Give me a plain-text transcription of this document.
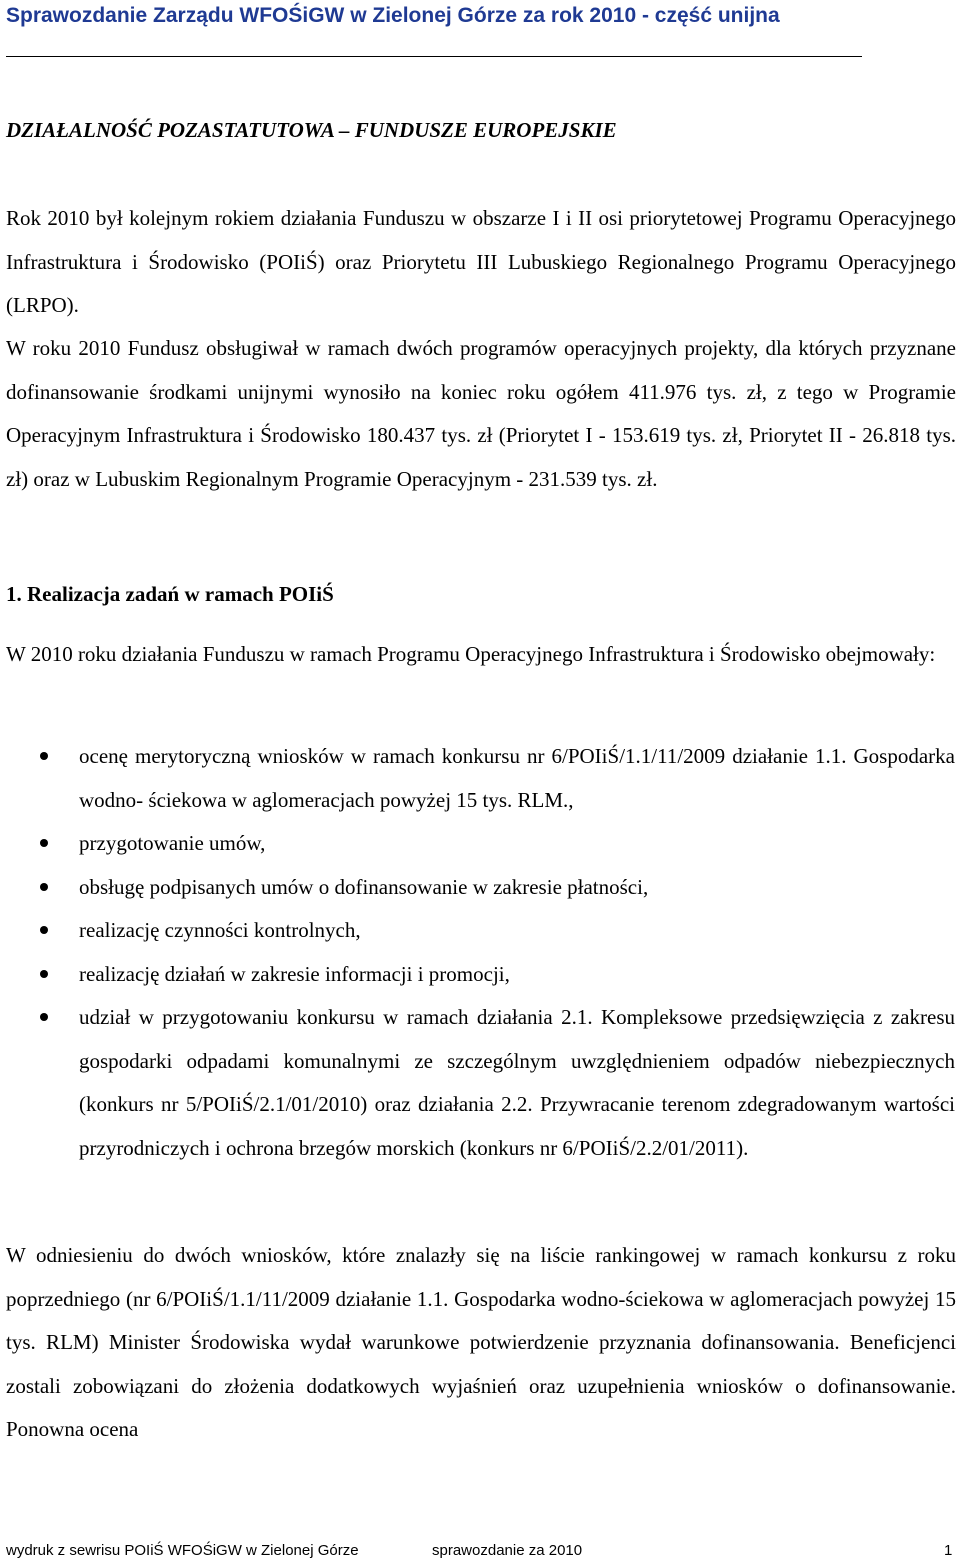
Sprawozdanie Zarządu WFOŚiGW w Zielonej Górze za rok 2010 - część unijna
DZIAŁALNOŚĆ POZASTATUTOWA – FUNDUSZE EUROPEJSKIE

Rok 2010 był kolejnym rokiem działania Funduszu w obszarze I i II osi priorytetowej Programu Operacyjnego Infrastruktura i Środowisko (POIiŚ) oraz Priorytetu III Lubuskiego Regionalnego Programu Operacyjnego (LRPO).

W roku 2010 Fundusz obsługiwał w ramach dwóch programów operacyjnych projekty, dla których przyznane dofinansowanie środkami unijnymi wynosiło na koniec roku ogółem 411.976 tys. zł, z tego w Programie Operacyjnym Infrastruktura i Środowisko 180.437 tys. zł (Priorytet I - 153.619 tys. zł, Priorytet II - 26.818 tys. zł) oraz w Lubuskim Regionalnym Programie Operacyjnym - 231.539 tys. zł.

1. Realizacja zadań w ramach POIiŚ

W 2010 roku działania Funduszu w ramach Programu Operacyjnego Infrastruktura i Środowisko obejmowały:

ocenę merytoryczną wniosków w ramach konkursu nr 6/POIiŚ/1.1/11/2009 działanie 1.1. Gospodarka wodno- ściekowa w aglomeracjach powyżej 15 tys. RLM.,
przygotowanie umów,
obsługę podpisanych umów o dofinansowanie w zakresie płatności,
realizację czynności kontrolnych,
realizację działań w zakresie informacji i promocji,
udział w przygotowaniu konkursu w ramach działania 2.1. Kompleksowe przedsięwzięcia z zakresu gospodarki odpadami komunalnymi ze szczególnym uwzględnieniem odpadów niebezpiecznych (konkurs nr 5/POIiŚ/2.1/01/2010) oraz działania 2.2. Przywracanie terenom zdegradowanym wartości przyrodniczych i ochrona brzegów morskich (konkurs nr 6/POIiŚ/2.2/01/2011).

W odniesieniu do dwóch wniosków, które znalazły się na liście rankingowej w ramach konkursu z roku poprzedniego (nr 6/POIiŚ/1.1/11/2009 działanie 1.1. Gospodarka wodno-ściekowa w aglomeracjach powyżej 15 tys. RLM) Minister Środowiska wydał warunkowe potwierdzenie przyznania dofinansowania. Beneficjenci zostali zobowiązani do złożenia dodatkowych wyjaśnień oraz uzupełnienia wniosków o dofinansowanie. Ponowna ocena

wydruk z sewrisu POIiŚ WFOŚiGW w Zielonej Górze	sprawozdanie za 2010	1
